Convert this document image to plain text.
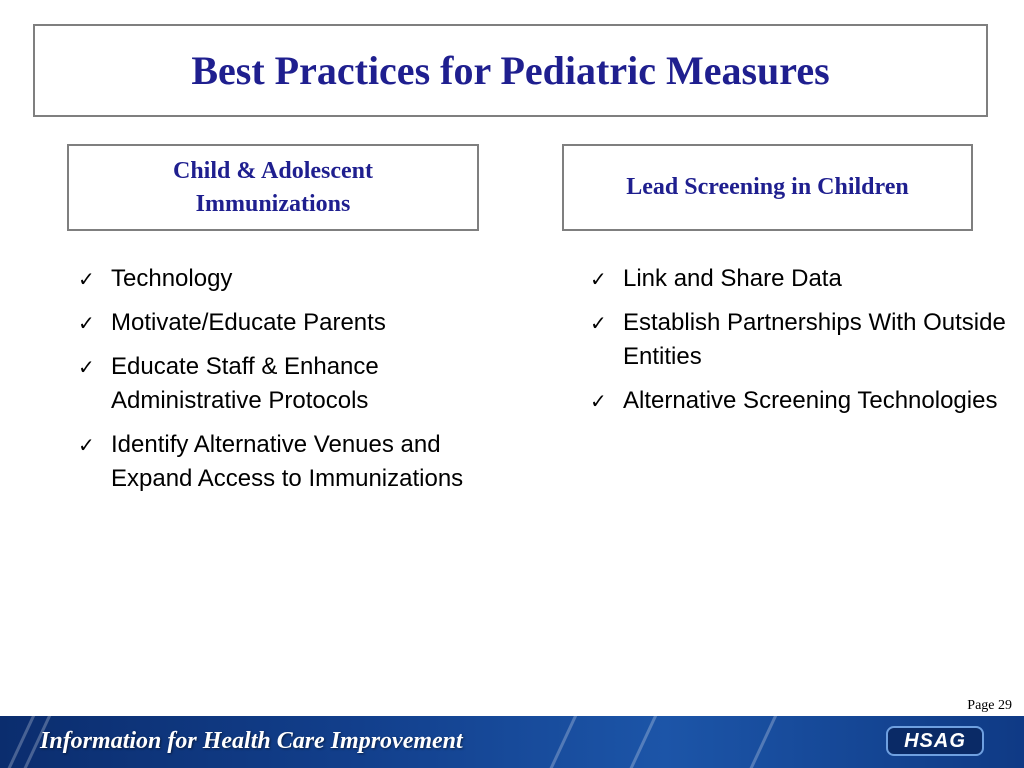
Best Practices for Pediatric Measures
Child & Adolescent
Immunizations
Lead Screening in Children
✓ Technology
✓ Motivate/Educate Parents
✓ Educate Staff & Enhance Administrative Protocols
✓ Identify Alternative Venues and Expand Access to Immunizations
✓ Link and Share Data
✓ Establish Partnerships With Outside Entities
✓ Alternative Screening Technologies
Page 29
Information for Health Care Improvement	HSAG
